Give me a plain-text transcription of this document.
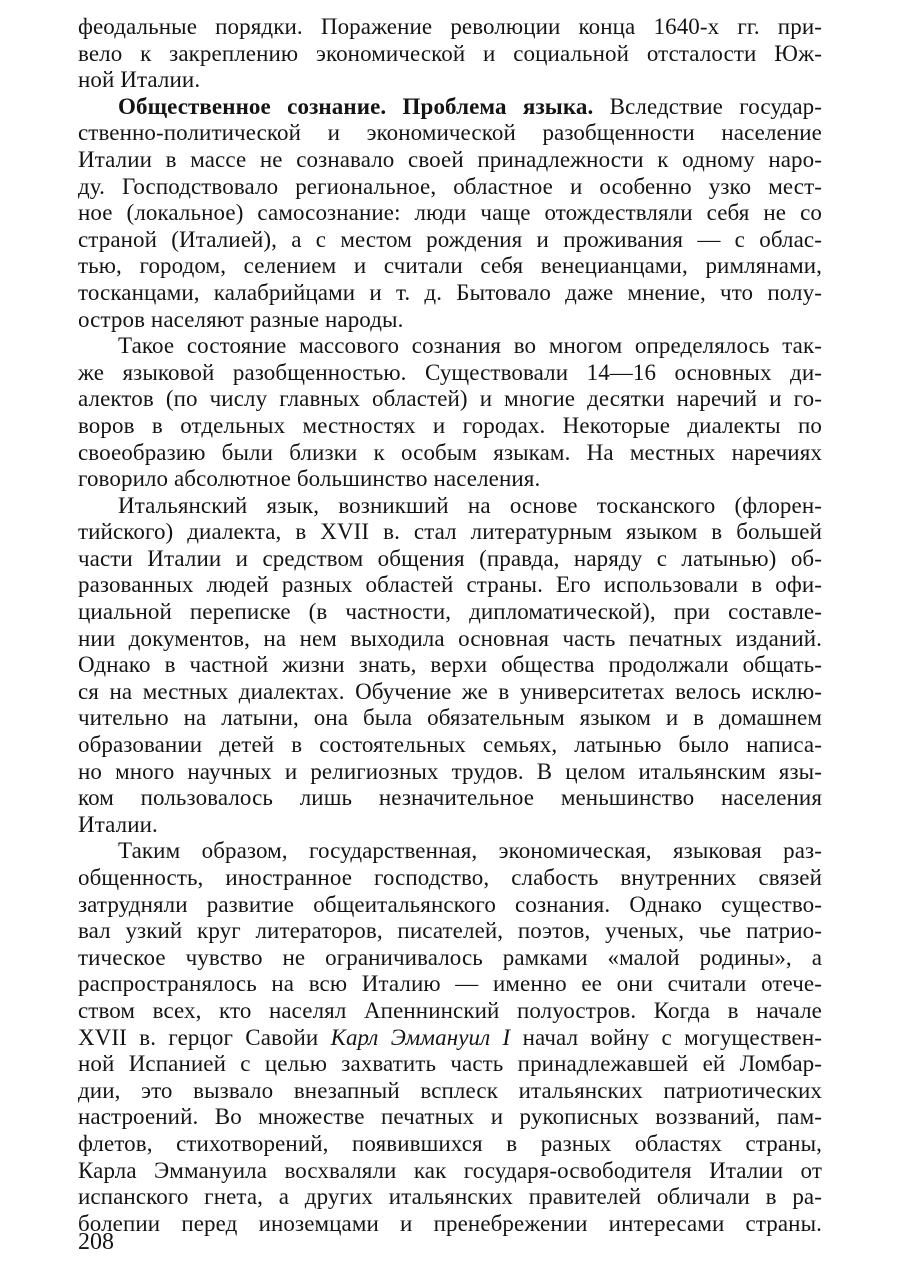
феодальные порядки. Поражение революции конца 1640-х гг. при-
вело к закреплению экономической и социальной отсталости Юж-
ной Италии.
Общественное сознание. Проблема языка. Вследствие государ-
ственно-политической и экономической разобщенности население
Италии в массе не сознавало своей принадлежности к одному наро-
ду. Господствовало региональное, областное и особенно узко мест-
ное (локальное) самосознание: люди чаще отождествляли себя не со
страной (Италией), а с местом рождения и проживания — с облас-
тью, городом, селением и считали себя венецианцами, римлянами,
тосканцами, калабрийцами и т. д. Бытовало даже мнение, что полу-
остров населяют разные народы.
Такое состояние массового сознания во многом определялось так-
же языковой разобщенностью. Существовали 14—16 основных ди-
алектов (по числу главных областей) и многие десятки наречий и го-
воров в отдельных местностях и городах. Некоторые диалекты по
своеобразию были близки к особым языкам. На местных наречиях
говорило абсолютное большинство населения.
Итальянский язык, возникший на основе тосканского (флорен-
тийского) диалекта, в XVII в. стал литературным языком в большей
части Италии и средством общения (правда, наряду с латынью) об-
разованных людей разных областей страны. Его использовали в офи-
циальной переписке (в частности, дипломатической), при составле-
нии документов, на нем выходила основная часть печатных изданий.
Однако в частной жизни знать, верхи общества продолжали общать-
ся на местных диалектах. Обучение же в университетах велось исклю-
чительно на латыни, она была обязательным языком и в домашнем
образовании детей в состоятельных семьях, латынью было написа-
но много научных и религиозных трудов. В целом итальянским язы-
ком пользовалось лишь незначительное меньшинство населения
Италии.
Таким образом, государственная, экономическая, языковая раз-
общенность, иностранное господство, слабость внутренних связей
затрудняли развитие общеитальянского сознания. Однако существо-
вал узкий круг литераторов, писателей, поэтов, ученых, чье патрио-
тическое чувство не ограничивалось рамками «малой родины», а
распространялось на всю Италию — именно ее они считали отече-
ством всех, кто населял Апеннинский полуостров. Когда в начале
XVII в. герцог Савойи Карл Эммануил I начал войну с могуществен-
ной Испанией с целью захватить часть принадлежавшей ей Ломбар-
дии, это вызвало внезапный всплеск итальянских патриотических
настроений. Во множестве печатных и рукописных воззваний, пам-
флетов, стихотворений, появившихся в разных областях страны,
Карла Эммануила восхваляли как государя-освободителя Италии от
испанского гнета, а других итальянских правителей обличали в ра-
болепии перед иноземцами и пренебрежении интересами страны.
208
